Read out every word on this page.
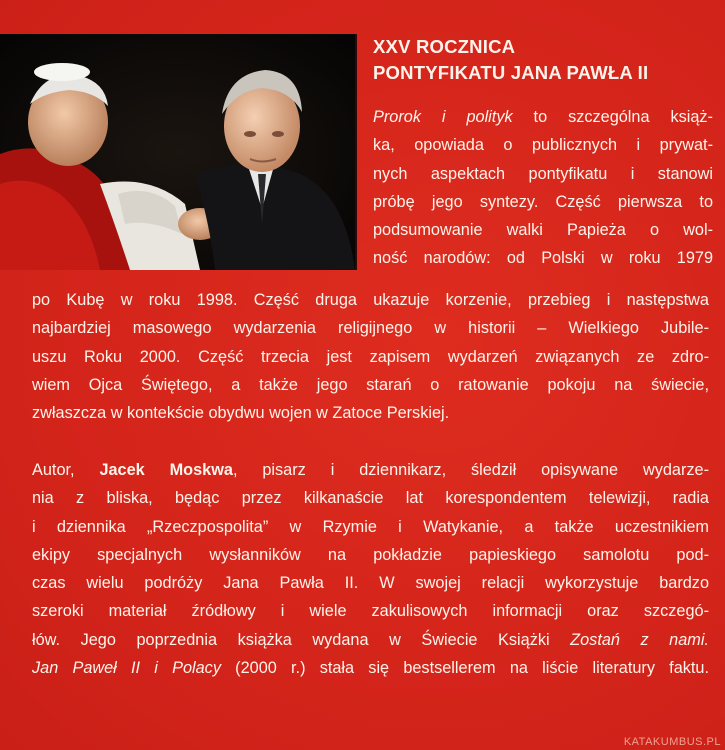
XXV ROCZNICA
PONTYFIKATU JANA PAWŁA II
Prorok i polityk to szczególna książ-
ka, opowiada o publicznych i prywat-
nych aspektach pontyfikatu i stanowi
próbę jego syntezy. Część pierwsza to
podsumowanie walki Papieża o wol-
ność narodów: od Polski w roku 1979
po Kubę w roku 1998. Część druga ukazuje korzenie, przebieg i następstwa
najbardziej masowego wydarzenia religijnego w historii – Wielkiego Jubile-
uszu Roku 2000. Część trzecia jest zapisem wydarzeń związanych ze zdro-
wiem Ojca Świętego, a także jego starań o ratowanie pokoju na świecie,
zwłaszcza w kontekście obydwu wojen w Zatoce Perskiej.
Autor, Jacek Moskwa, pisarz i dziennikarz, śledził opisywane wydarze-
nia z bliska, będąc przez kilkanaście lat korespondentem telewizji, radia
i dziennika „Rzeczpospolita” w Rzymie i Watykanie, a także uczestnikiem
ekipy specjalnych wysłanników na pokładzie papieskiego samolotu pod-
czas wielu podróży Jana Pawła II. W swojej relacji wykorzystuje bardzo
szeroki materiał źródłowy i wiele zakulisowych informacji oraz szczegó-
łów. Jego poprzednia książka wydana w Świecie Książki Zostań z nami.
Jan Paweł II i Polacy (2000 r.) stała się bestsellerem na liście literatury faktu.
KATAKUMBUS.PL
